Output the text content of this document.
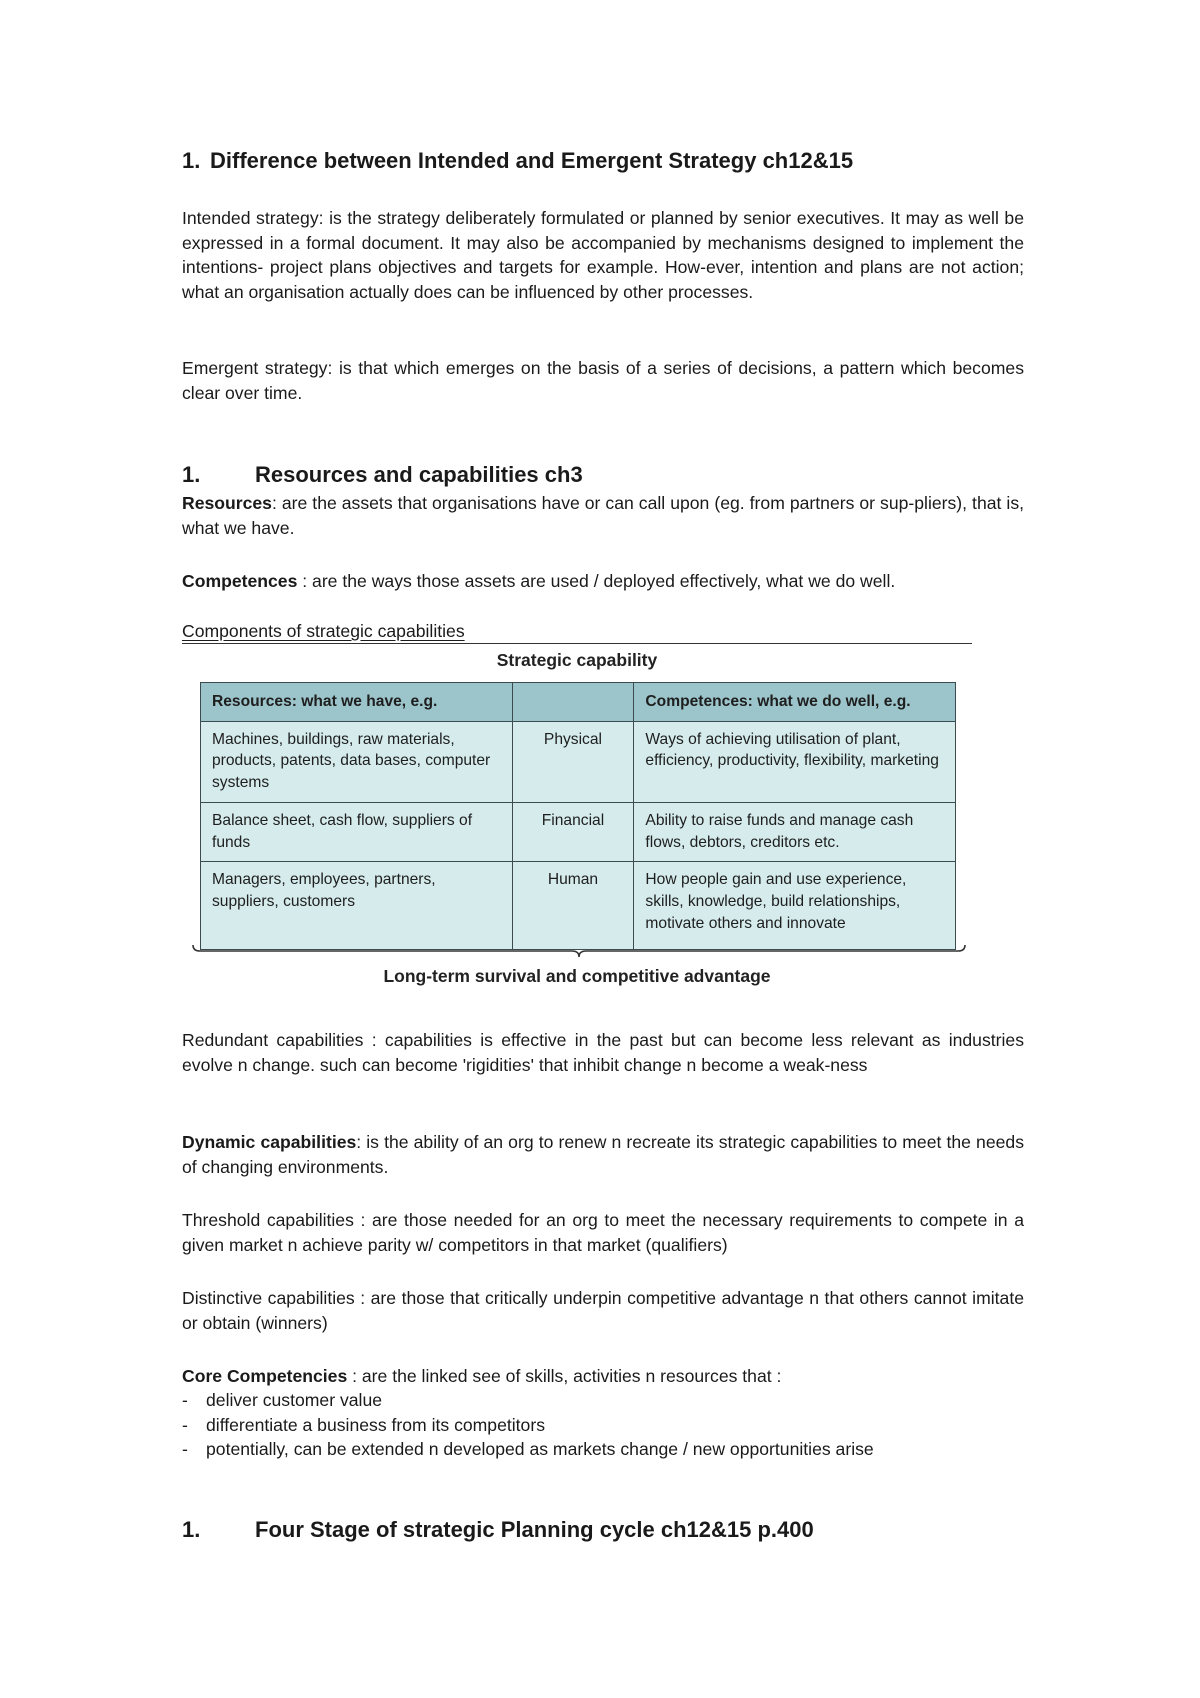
1. Difference between Intended and Emergent Strategy ch12&15

Intended strategy: is the strategy deliberately formulated or planned by senior executives. It may as well be expressed in a formal document. It may also be accompanied by mechanisms designed to implement the intentions- project plans objectives and targets for example. How-ever, intention and plans are not action; what an organisation actually does can be influenced by other processes.

Emergent strategy: is that which emerges on the basis of a series of decisions, a pattern which becomes clear over time.

1. Resources and capabilities ch3

Resources: are the assets that organisations have or can call upon (eg. from partners or sup-pliers), that is, what we have.

Competences : are the ways those assets are used / deployed effectively, what we do well.

Components of strategic capabilities
Strategic capability
Resources: what we have, e.g.		Competences: what we do well, e.g.
Machines, buildings, raw materials, products, patents, data bases, computer systems	Physical	Ways of achieving utilisation of plant, efficiency, productivity, flexibility, marketing
Balance sheet, cash flow, suppliers of funds	Financial	Ability to raise funds and manage cash flows, debtors, creditors etc.
Managers, employees, partners, suppliers, customers	Human	How people gain and use experience, skills, knowledge, build relationships, motivate others and innovate
Long-term survival and competitive advantage

Redundant capabilities : capabilities is effective in the past but can become less relevant as industries evolve n change. such can become 'rigidities' that inhibit change n become a weak-ness

Dynamic capabilities: is the ability of an org to renew n recreate its strategic capabilities to meet the needs of changing environments.

Threshold capabilities : are those needed for an org to meet the necessary requirements to compete in a given market n achieve parity w/ competitors in that market (qualifiers)

Distinctive capabilities : are those that critically underpin competitive advantage n that others cannot imitate or obtain (winners)

Core Competencies : are the linked see of skills, activities n resources that :

- deliver customer value
- differentiate a business from its competitors
- potentially, can be extended n developed as markets change / new opportunities arise
1. Four Stage of strategic Planning cycle ch12&15 p.400
